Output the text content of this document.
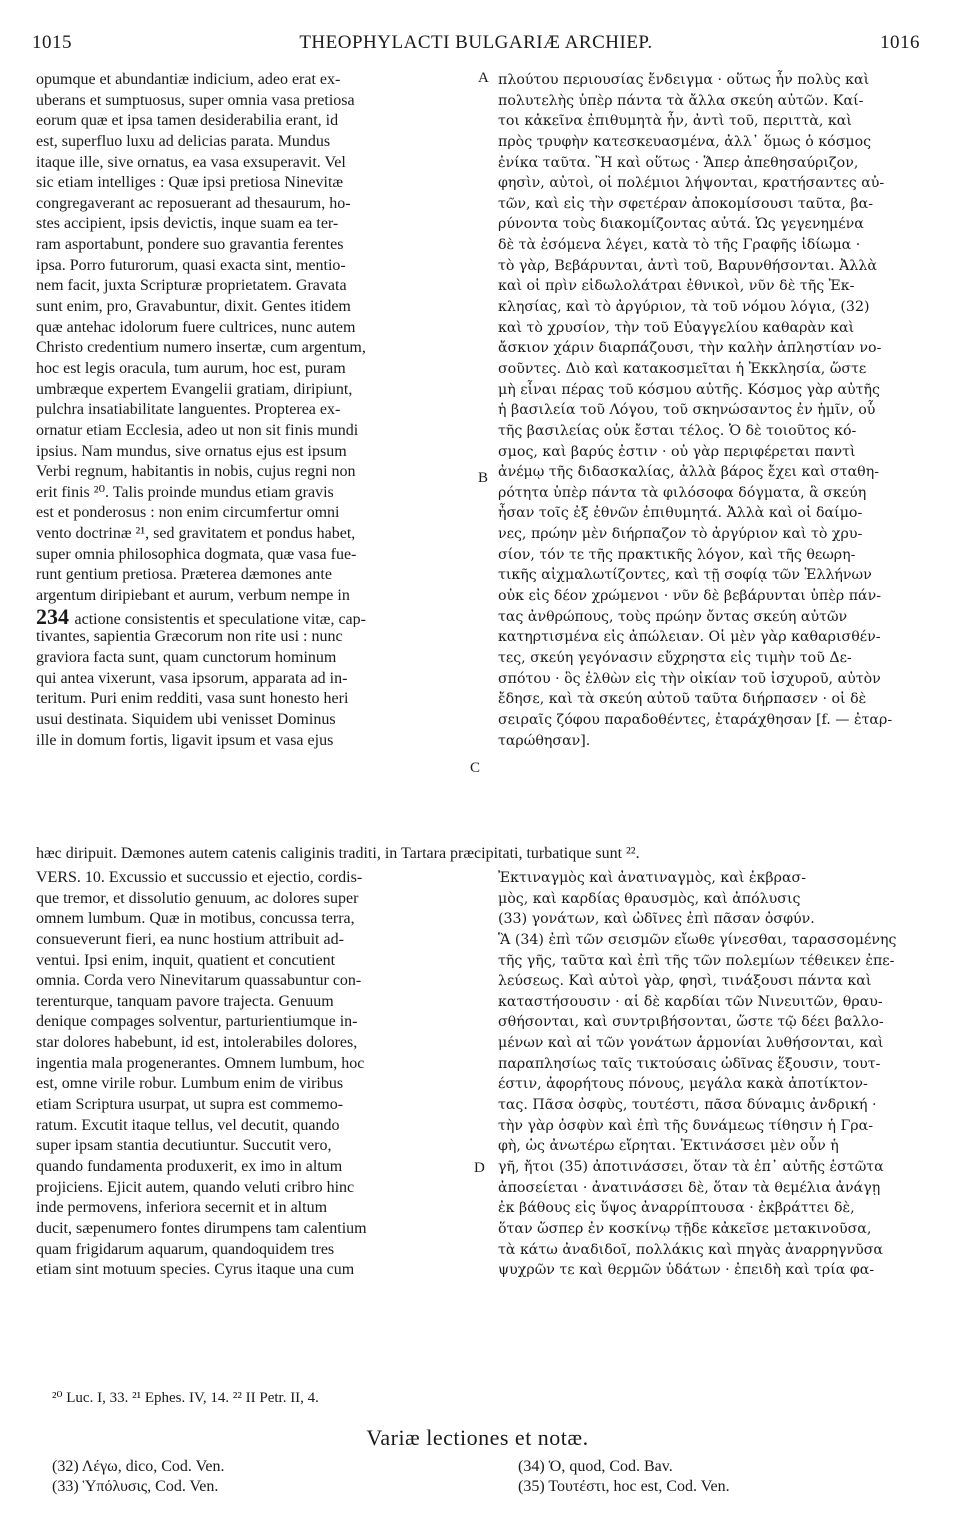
1015	THEOPHYLACTI BULGARIÆ ARCHIEP.	1016
A
B
C
D
opumque et abundantiæ indicium, adeo erat ex-
uberans et sumptuosus, super omnia vasa pretiosa
eorum quæ et ipsa tamen desiderabilia erant, id
est, superfluo luxu ad delicias parata. Mundus
itaque ille, sive ornatus, ea vasa exsuperavit. Vel
sic etiam intelliges : Quæ ipsi pretiosa Ninevitæ
congregaverant ac reposuerant ad thesaurum, ho-
stes accipient, ipsis devictis, inque suam ea ter-
ram asportabunt, pondere suo gravantia ferentes
ipsa. Porro futurorum, quasi exacta sint, mentio-
nem facit, juxta Scripturæ proprietatem. Gravata
sunt enim, pro, Gravabuntur, dixit. Gentes itidem
quæ antehac idolorum fuere cultrices, nunc autem
Christo credentium numero insertæ, cum argentum,
hoc est legis oracula, tum aurum, hoc est, puram
umbræque expertem Evangelii gratiam, diripiunt,
pulchra insatiabilitate languentes. Propterea ex-
ornatur etiam Ecclesia, adeo ut non sit finis mundi
ipsius. Nam mundus, sive ornatus ejus est ipsum
Verbi regnum, habitantis in nobis, cujus regni non
erit finis ²⁰. Talis proinde mundus etiam gravis
est et ponderosus : non enim circumfertur omni
vento doctrinæ ²¹, sed gravitatem et pondus habet,
super omnia philosophica dogmata, quæ vasa fue-
runt gentium pretiosa. Præterea dæmones ante
argentum diripiebant et aurum, verbum nempe in
234 actione consistentis et speculatione vitæ, cap-
tivantes, sapientia Græcorum non rite usi : nunc
graviora facta sunt, quam cunctorum hominum
qui antea vixerunt, vasa ipsorum, apparata ad in-
teritum. Puri enim redditi, vasa sunt honesto heri
usui destinata. Siquidem ubi venisset Dominus
ille in domum fortis, ligavit ipsum et vasa ejus
πλούτου περιουσίας ἔνδειγμα · οὕτως ἦν πολὺς καὶ
πολυτελὴς ὑπὲρ πάντα τὰ ἄλλα σκεύη αὐτῶν. Καί-
τοι κἀκεῖνα ἐπιθυμητὰ ἦν, ἀντὶ τοῦ, περιττὰ, καὶ
πρὸς τρυφὴν κατεσκευασμένα, ἀλλ᾽ ὅμως ὁ κόσμος
ἐνίκα ταῦτα. Ἢ καὶ οὕτως · Ἅπερ ἀπεθησαύριζον,
φησὶν, αὐτοὶ, οἱ πολέμιοι λήψονται, κρατήσαντες αὐ-
τῶν, καὶ εἰς τὴν σφετέραν ἀποκομίσουσι ταῦτα, βα-
ρύνοντα τοὺς διακομίζοντας αὐτά. Ὡς γεγενημένα
δὲ τὰ ἐσόμενα λέγει, κατὰ τὸ τῆς Γραφῆς ἰδίωμα ·
τὸ γὰρ, Βεβάρυνται, ἀντὶ τοῦ, Βαρυνθήσονται. Ἀλλὰ
καὶ οἱ πρὶν εἰδωλολάτραι ἐθνικοὶ, νῦν δὲ τῆς Ἐκ-
κλησίας, καὶ τὸ ἀργύριον, τὰ τοῦ νόμου λόγια, (32)
καὶ τὸ χρυσίον, τὴν τοῦ Εὐαγγελίου καθαρὰν καὶ
ἄσκιον χάριν διαρπάζουσι, τὴν καλὴν ἀπληστίαν νο-
σοῦντες. Διὸ καὶ κατακοσμεῖται ἡ Ἐκκλησία, ὥστε
μὴ εἶναι πέρας τοῦ κόσμου αὐτῆς. Κόσμος γὰρ αὐτῆς
ἡ βασιλεία τοῦ Λόγου, τοῦ σκηνώσαντος ἐν ἡμῖν, οὗ
τῆς βασιλείας οὐκ ἔσται τέλος. Ὁ δὲ τοιοῦτος κό-
σμος, καὶ βαρύς ἐστιν · οὐ γὰρ περιφέρεται παντὶ
ἀνέμῳ τῆς διδασκαλίας, ἀλλὰ βάρος ἔχει καὶ σταθη-
ρότητα ὑπὲρ πάντα τὰ φιλόσοφα δόγματα, ἃ σκεύη
ἦσαν τοῖς ἐξ ἐθνῶν ἐπιθυμητά. Ἀλλὰ καὶ οἱ δαίμο-
νες, πρώην μὲν διήρπαζον τὸ ἀργύριον καὶ τὸ χρυ-
σίον, τόν τε τῆς πρακτικῆς λόγον, καὶ τῆς θεωρη-
τικῆς αἰχμαλωτίζοντες, καὶ τῇ σοφίᾳ τῶν Ἑλλήνων
οὐκ εἰς δέον χρώμενοι · νῦν δὲ βεβάρυνται ὑπὲρ πάν-
τας ἀνθρώπους, τοὺς πρώην ὄντας σκεύη αὐτῶν
κατηρτισμένα εἰς ἀπώλειαν. Οἱ μὲν γὰρ καθαρισθέν-
τες, σκεύη γεγόνασιν εὔχρηστα εἰς τιμὴν τοῦ Δε-
σπότου · ὃς ἐλθὼν εἰς τὴν οἰκίαν τοῦ ἰσχυροῦ, αὐτὸν
ἔδησε, καὶ τὰ σκεύη αὐτοῦ ταῦτα διήρπασεν · οἱ δὲ
σειραῖς ζόφου παραδοθέντες, ἐταράχθησαν [f. — ἐταρ-
ταρώθησαν].
hæc diripuit. Dæmones autem catenis caliginis traditi, in Tartara præcipitati, turbatique sunt ²².
VERS. 10. Excussio et succussio et ejectio, cordis-
que tremor, et dissolutio genuum, ac dolores super
omnem lumbum. Quæ in motibus, concussa terra,
consueverunt fieri, ea nunc hostium attribuit ad-
ventui. Ipsi enim, inquit, quatient et concutient
omnia. Corda vero Ninevitarum quassabuntur con-
terenturque, tanquam pavore trajecta. Genuum
denique compages solventur, parturientiumque in-
star dolores habebunt, id est, intolerabiles dolores,
ingentia mala progenerantes. Omnem lumbum, hoc
est, omne virile robur. Lumbum enim de viribus
etiam Scriptura usurpat, ut supra est commemo-
ratum. Excutit itaque tellus, vel decutit, quando
super ipsam stantia decutiuntur. Succutit vero,
quando fundamenta produxerit, ex imo in altum
projiciens. Ejicit autem, quando veluti cribro hinc
inde permovens, inferiora secernit et in altum
ducit, sæpenumero fontes dirumpens tam calentium
quam frigidarum aquarum, quandoquidem tres
etiam sint motuum species. Cyrus itaque una cum
Ἐκτιναγμὸς καὶ ἀνατιναγμὸς, καὶ ἐκβρασ-
μὸς, καὶ καρδίας θραυσμὸς, καὶ ἀπόλυσις
(33) γονάτων, καὶ ὠδῖνες ἐπὶ πᾶσαν ὀσφύν.
Ἃ (34) ἐπὶ τῶν σεισμῶν εἴωθε γίνεσθαι, ταρασσομένης
τῆς γῆς, ταῦτα καὶ ἐπὶ τῆς τῶν πολεμίων τέθεικεν ἐπε-
λεύσεως. Καὶ αὐτοὶ γὰρ, φησὶ, τινάξουσι πάντα καὶ
καταστήσουσιν · αἱ δὲ καρδίαι τῶν Νινευιτῶν, θραυ-
σθήσονται, καὶ συντριβήσονται, ὥστε τῷ δέει βαλλο-
μένων καὶ αἱ τῶν γονάτων ἁρμονίαι λυθήσονται, καὶ
παραπλησίως ταῖς τικτούσαις ὠδῖνας ἕξουσιν, τουτ-
έστιν, ἀφορήτους πόνους, μεγάλα κακὰ ἀποτίκτον-
τας. Πᾶσα ὀσφὺς, τουτέστι, πᾶσα δύναμις ἀνδρική ·
τὴν γὰρ ὀσφὺν καὶ ἐπὶ τῆς δυνάμεως τίθησιν ἡ Γρα-
φὴ, ὡς ἀνωτέρω εἴρηται. Ἐκτινάσσει μὲν οὖν ἡ
γῆ, ἤτοι (35) ἀποτινάσσει, ὅταν τὰ ἐπ᾽ αὐτῆς ἑστῶτα
ἀποσείεται · ἀνατινάσσει δὲ, ὅταν τὰ θεμέλια ἀνάγῃ
ἐκ βάθους εἰς ὕψος ἀναρρίπτουσα · ἐκβράττει δὲ,
ὅταν ὥσπερ ἐν κοσκίνῳ τῇδε κἀκεῖσε μετακινοῦσα,
τὰ κάτω ἀναδιδοῖ, πολλάκις καὶ πηγὰς ἀναρρηγνῦσα
ψυχρῶν τε καὶ θερμῶν ὑδάτων · ἐπειδὴ καὶ τρία φα-
²⁰ Luc. I, 33. ²¹ Ephes. IV, 14. ²² II Petr. II, 4.
Variæ lectiones et notæ.
(32) Λέγω, dico, Cod. Ven.
(33) Ὑπόλυσις, Cod. Ven.
(34) Ὁ, quod, Cod. Bav.
(35) Τουτέστι, hoc est, Cod. Ven.
